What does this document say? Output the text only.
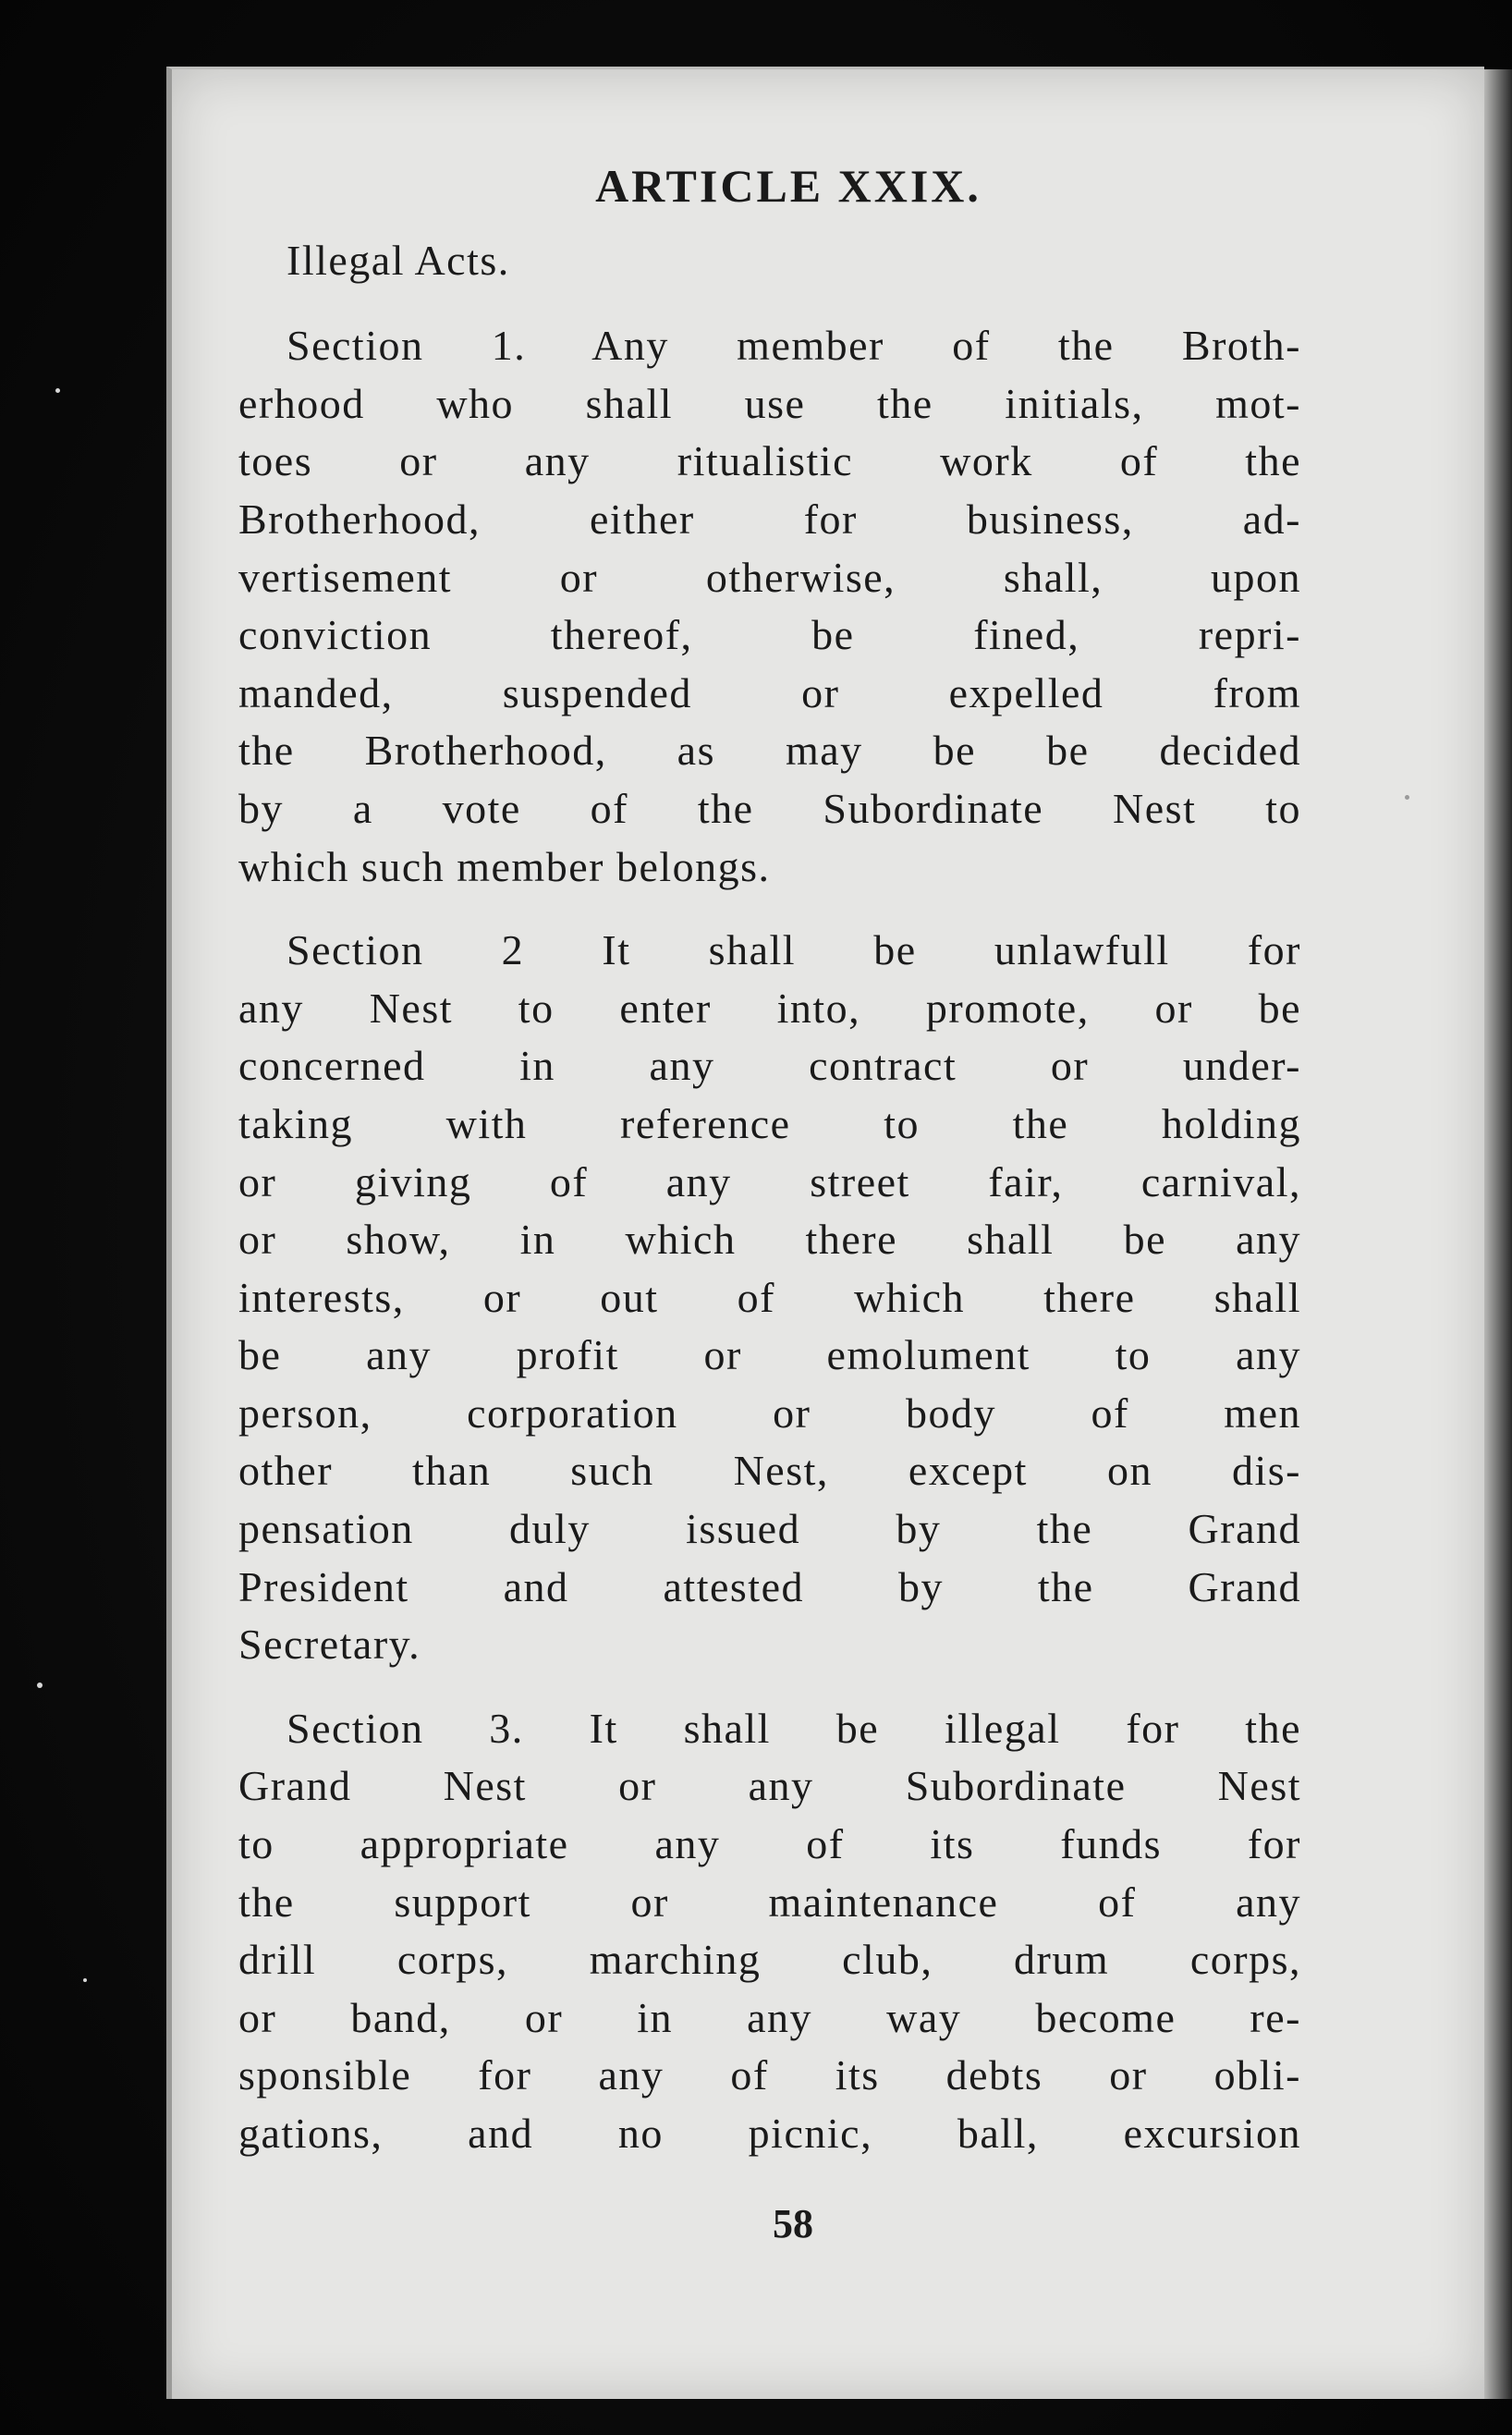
ARTICLE XXIX.
Illegal Acts.
Section 1. Any member of the Broth-
erhood who shall use the initials, mot-
toes or any ritualistic work of the
Brotherhood, either for business, ad-
vertisement or otherwise, shall, upon
conviction thereof, be fined, repri-
manded, suspended or expelled from
the Brotherhood, as may be be decided
by a vote of the Subordinate Nest to
which such member belongs.
Section 2 It shall be unlawfull for
any Nest to enter into, promote, or be
concerned in any contract or under-
taking with reference to the holding
or giving of any street fair, carnival,
or show, in which there shall be any
interests, or out of which there shall
be any profit or emolument to any
person, corporation or body of men
other than such Nest, except on dis-
pensation duly issued by the Grand
President and attested by the Grand
Secretary.
Section 3. It shall be illegal for the
Grand Nest or any Subordinate Nest
to appropriate any of its funds for
the support or maintenance of any
drill corps, marching club, drum corps,
or band, or in any way become re-
sponsible for any of its debts or obli-
gations, and no picnic, ball, excursion
58
